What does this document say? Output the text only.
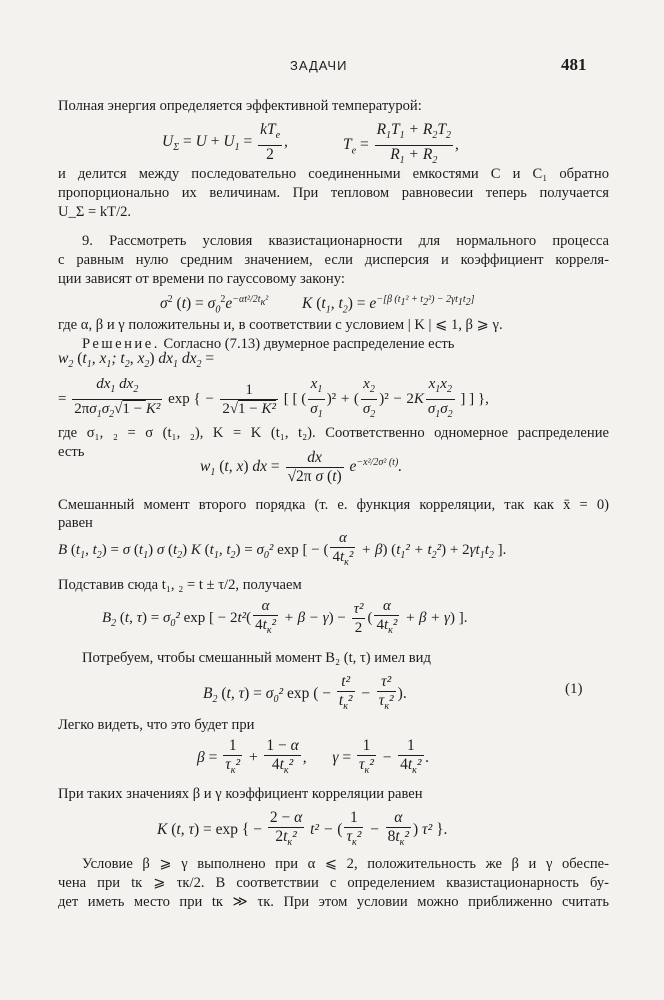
ЗАДАЧИ	481
Полная энергия определяется эффективной температурой:
$U_\Sigma = U + U_1 = \frac{kT_e}{2}$ ,	$T_e = \frac{R_1T_1 + R_2T_2}{R_1 + R_2}$ ,
и делится между последовательно соединенными емкостями C и C₁ обратно
пропорционально их величинам. При тепловом равновесии теперь получается
U_Σ = kT/2.
9. Рассмотреть условия квазистационарности для нормального процесса
с равным нулю средним значением, если дисперсия и коэффициент корреля-
ции зависят от времени по гауссовому закону:
$\sigma^2$ $(t) = \sigma_0^2e^{-\alpha t^2/2t_к^2}$  K ($t_1$, $t_2) = e^{-[\beta (t_1^2 + t_2^2) - 2\gamma t_1t_2]}$
где α, β и γ положительны и, в соответствии с условием | K | ⩽ 1, β ⩾ γ.
Решение. Согласно (7.13) двумерное распределение есть
$w_2$ ($t_1$, $x_1$; $t_2$, $x_2$) $dx_1$ $dx_2$ =
= $\frac{dx_1 dx_2}{2\pi\sigma_1\sigma_2√1 - K^2}$ exp { − $\frac{1}{\text{2√1 − K²}}$ [ [ ( $\frac{x_1}{\sigma_1} )^2$ + ( $\frac{x_2}{\sigma_2} )^2 - 2K \frac{x_1x_2}{\sigma_1\sigma_2}$ ] ] },
где σ₁, ₂ = σ (t₁, ₂), K = K (t₁, t₂). Соответственно одномерное распределение
есть
$w_1$ (t, x) dx = $\frac{dx}{\text{√2π σ (t)}} e^{-x^2/2\sigma^2 (t)}$.
Смешанный момент второго порядка (т. е. функция корреляции, так как x̄ = 0)
равен
B ($t_1$, $t_2) = \sigma$ $(t_1)$ σ $(t_2)$ K ($t_1$, $t_2) = \sigma_0^2$ exp [ − ( $\frac{\alpha}{4t_к^2} + \beta$) $(t_1^2 + t_2^2) + 2\gamma t_1t_2$ ].
Подставив сюда t₁, ₂ = t ± τ/2, получаем
$B_2$ (t, $\tau) = \sigma_0^2$ exp [ − $2t^2( \frac{\alpha}{4t_к^2} + \beta - \gamma) - \frac{\text{τ²}}{2}$ ( $\frac{\alpha}{4t_к^2} + \beta + \gamma$) ].
Потребуем, чтобы смешанный момент B₂ (t, τ) имел вид
$B_2$ (t, $\tau) = \sigma_0^2$ exp ( − $\frac{\text{t²}}{t_к^2} - \frac{\text{τ²}}{\tau_к^2}$ ).	(1)
Легко видеть, что это будет при
$\beta = \frac{1}{\tau_к^2} + \frac{1 - \alpha}{4t_к^2}$ ,  $\gamma = \frac{1}{\tau_к^2} - \frac{1}{4t_к^2}$ .
При таких значениях β и γ коэффициент корреляции равен
K (t, τ) = exp { − $\frac{2 - \alpha}{2t_к^2} t^2$ − ( $\frac{1}{\tau_к^2} - \frac{\alpha}{8t_к^2}$ ) τ² }.
Условие β ⩾ γ выполнено при α ⩽ 2, положительность же β и γ обеспе-
чена при tк ⩾ τк/2. В соответствии с определением квазистационарность бу-
дет иметь место при tк ≫ τк. При этом условии можно приближенно считать
